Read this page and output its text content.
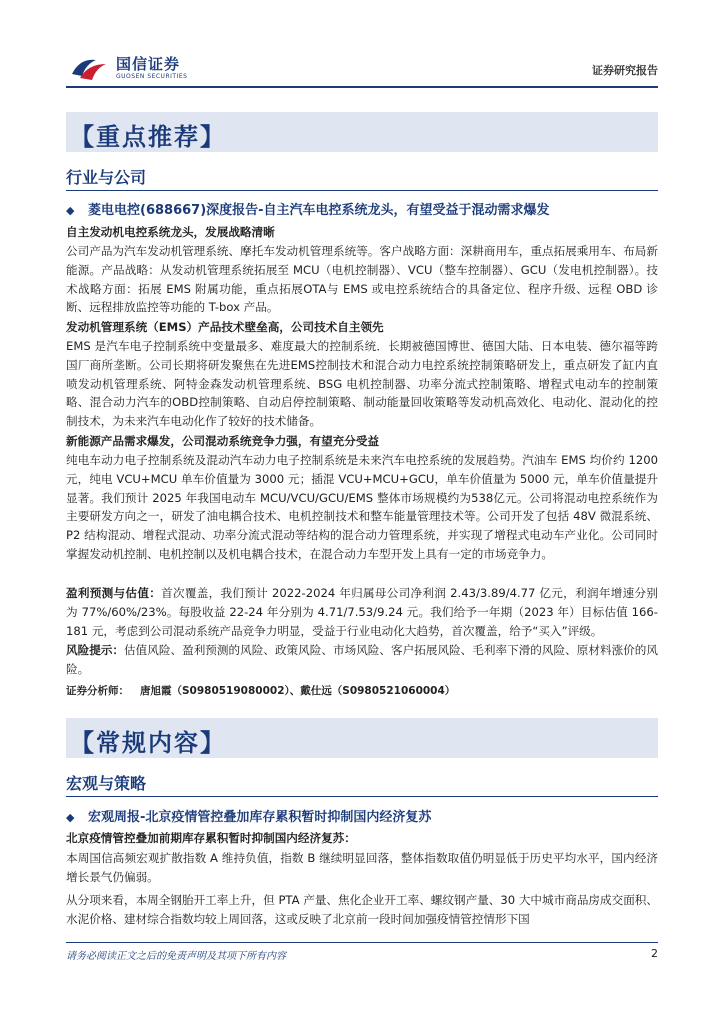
国信证券
GUOSEN SECURITIES	证券研究报告
【重点推荐】
行业与公司
◆ 菱电电控(688667)深度报告-自主汽车电控系统龙头，有望受益于混动需求爆发
自主发动机电控系统龙头，发展战略清晰
公司产品为汽车发动机管理系统、摩托车发动机管理系统等。客户战略方面：深耕商用车，重点拓展乘用车、布局新能源。产品战略：从发动机管理系统拓展至 MCU（电机控制器）、VCU（整车控制器）、GCU（发电机控制器）。技术战略方面：拓展 EMS 附属功能，重点拓展OTA与 EMS 或电控系统结合的具备定位、程序升级、远程 OBD 诊断、远程排放监控等功能的 T-box 产品。
发动机管理系统（EMS）产品技术壁垒高，公司技术自主领先
EMS 是汽车电子控制系统中变量最多、难度最大的控制系统．长期被德国博世、德国大陆、日本电装、德尔福等跨国厂商所垄断。公司长期将研发聚焦在先进EMS控制技术和混合动力电控系统控制策略研发上，重点研发了缸内直喷发动机管理系统、阿特金森发动机管理系统、BSG 电机控制器、功率分流式控制策略、增程式电动车的控制策略、混合动力汽车的OBD控制策略、自动启停控制策略、制动能量回收策略等发动机高效化、电动化、混动化的控制技术，为未来汽车电动化作了较好的技术储备。
新能源产品需求爆发，公司混动系统竞争力强，有望充分受益
纯电车动力电子控制系统及混动汽车动力电子控制系统是未来汽车电控系统的发展趋势。汽油车 EMS 均价约 1200 元，纯电 VCU+MCU 单车价值量为 3000 元；插混 VCU+MCU+GCU，单车价值量为 5000 元，单车价值量提升显著。我们预计 2025 年我国电动车 MCU/VCU/GCU/EMS 整体市场规模约为538亿元。公司将混动电控系统作为主要研发方向之一，研发了油电耦合技术、电机控制技术和整车能量管理技术等。公司开发了包括 48V 微混系统、P2 结构混动、增程式混动、功率分流式混动等结构的混合动力管理系统，并实现了增程式电动车产业化。公司同时掌握发动机控制、电机控制以及机电耦合技术，在混合动力车型开发上具有一定的市场竞争力。
盈利预测与估值：首次覆盖，我们预计 2022-2024 年归属母公司净利润 2.43/3.89/4.77 亿元，利润年增速分别为 77%/60%/23%。每股收益 22-24 年分别为 4.71/7.53/9.24 元。我们给予一年期（2023 年）目标估值 166-181 元，考虑到公司混动系统产品竞争力明显，受益于行业电动化大趋势，首次覆盖，给予“买入”评级。
风险提示：估值风险、盈利预测的风险、政策风险、市场风险、客户拓展风险、毛利率下滑的风险、原材料涨价的风险。
证券分析师： 唐旭霞（S0980519080002）、戴仕远（S0980521060004）
【常规内容】
宏观与策略
◆ 宏观周报-北京疫情管控叠加库存累积暂时抑制国内经济复苏
北京疫情管控叠加前期库存累积暂时抑制国内经济复苏：
本周国信高频宏观扩散指数 A 维持负值，指数 B 继续明显回落，整体指数取值仍明显低于历史平均水平，国内经济增长景气仍偏弱。
从分项来看，本周全钢胎开工率上升，但 PTA 产量、焦化企业开工率、螺纹钢产量、30 大中城市商品房成交面积、水泥价格、建材综合指数均较上周回落，这或反映了北京前一段时间加强疫情管控情形下国
请务必阅读正文之后的免责声明及其项下所有内容	2
